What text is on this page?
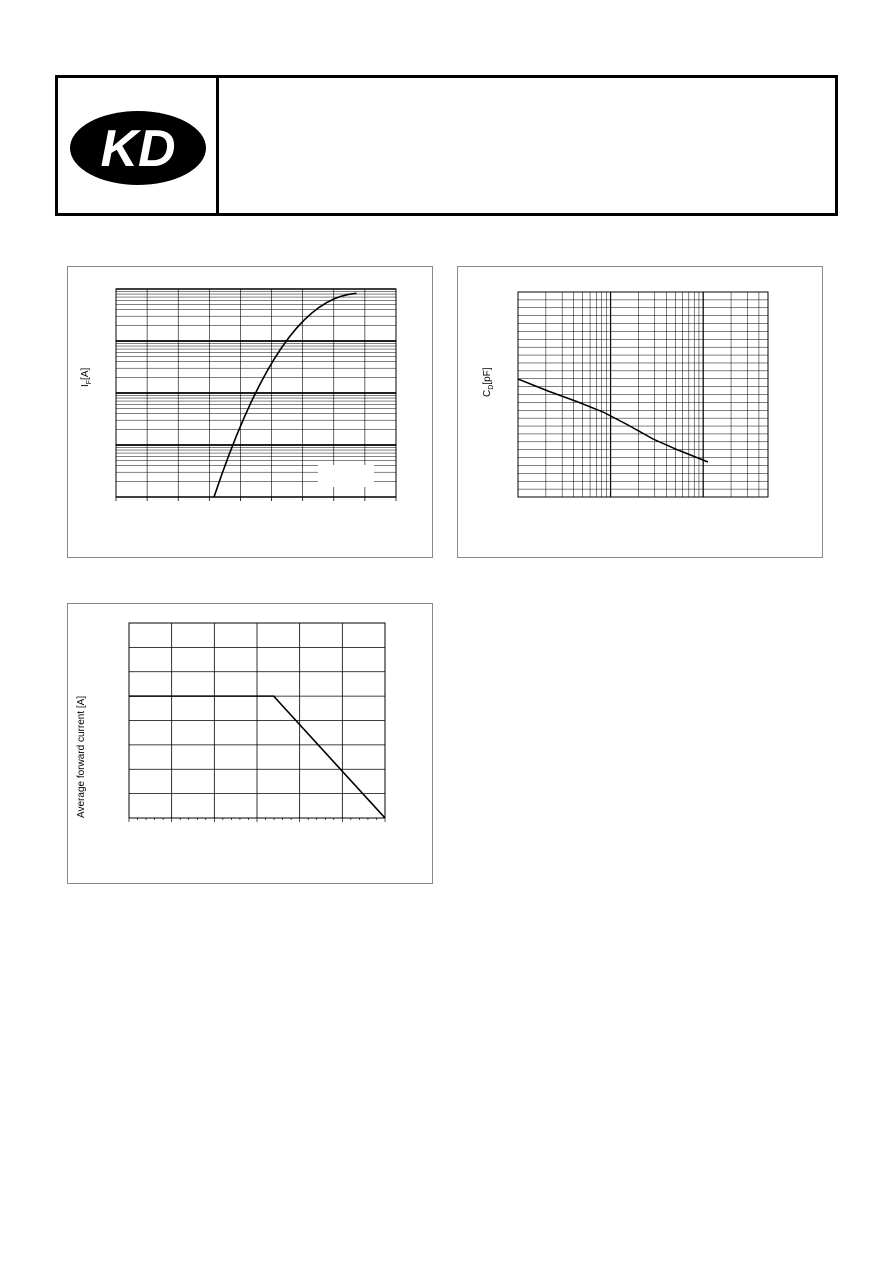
KD
$I_F[A]$
$C_D[pF]$
Average forward current [A]
